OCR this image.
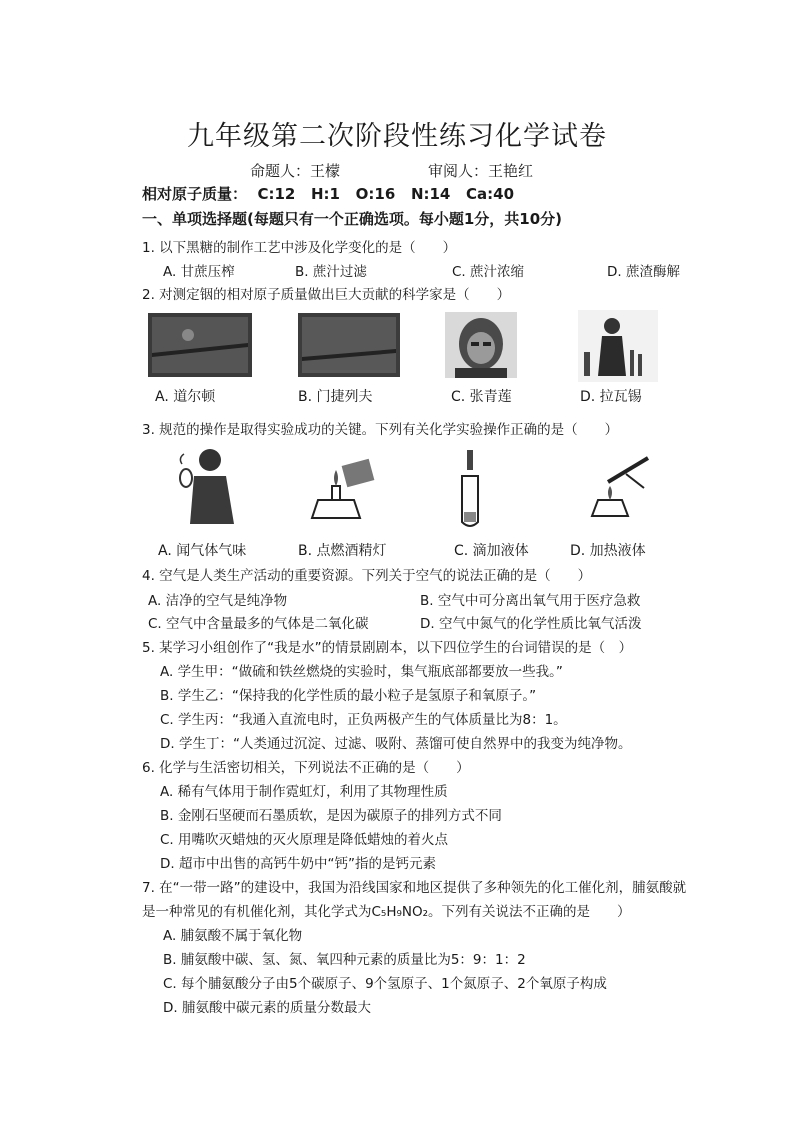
九年级第二次阶段性练习化学试卷
命题人：王檬	审阅人：王艳红
相对原子质量：  C:12   H:1   O:16   N:14   Ca:40
一、单项选择题(每题只有一个正确选项。每小题1分，共10分)
1. 以下黑糖的制作工艺中涉及化学变化的是（　　）
A. 甘蔗压榨	B. 蔗汁过滤	C. 蔗汁浓缩	D. 蔗渣酶解
2. 对测定铟的相对原子质量做出巨大贡献的科学家是（　　）
A. 道尔顿	B. 门捷列夫	C. 张青莲	D. 拉瓦锡
3. 规范的操作是取得实验成功的关键。下列有关化学实验操作正确的是（　　）
A. 闻气体气味	B. 点燃酒精灯	C. 滴加液体	D. 加热液体
4. 空气是人类生产活动的重要资源。下列关于空气的说法正确的是（　　）
A. 洁净的空气是纯净物	B. 空气中可分离出氧气用于医疗急救
C. 空气中含量最多的气体是二氧化碳	D. 空气中氮气的化学性质比氧气活泼
5. 某学习小组创作了“我是水”的情景剧剧本，以下四位学生的台词错误的是（　）
A. 学生甲：“做硫和铁丝燃烧的实验时，集气瓶底部都要放一些我。”
B. 学生乙：“保持我的化学性质的最小粒子是氢原子和氧原子。”
C. 学生丙：“我通入直流电时，正负两极产生的气体质量比为8：1。
D. 学生丁：“人类通过沉淀、过滤、吸附、蒸馏可使自然界中的我变为纯净物。
6. 化学与生活密切相关，下列说法不正确的是（　　）
A. 稀有气体用于制作霓虹灯，利用了其物理性质
B. 金刚石坚硬而石墨质软，是因为碳原子的排列方式不同
C. 用嘴吹灭蜡烛的灭火原理是降低蜡烛的着火点
D. 超市中出售的高钙牛奶中“钙”指的是钙元素
7. 在“一带一路”的建设中，我国为沿线国家和地区提供了多种领先的化工催化剂，脯氨酸就
是一种常见的有机催化剂，其化学式为C₅H₉NO₂。下列有关说法不正确的是　　）
A. 脯氨酸不属于氧化物
B. 脯氨酸中碳、氢、氮、氧四种元素的质量比为5：9：1：2
C. 每个脯氨酸分子由5个碳原子、9个氢原子、1个氮原子、2个氧原子构成
D. 脯氨酸中碳元素的质量分数最大
